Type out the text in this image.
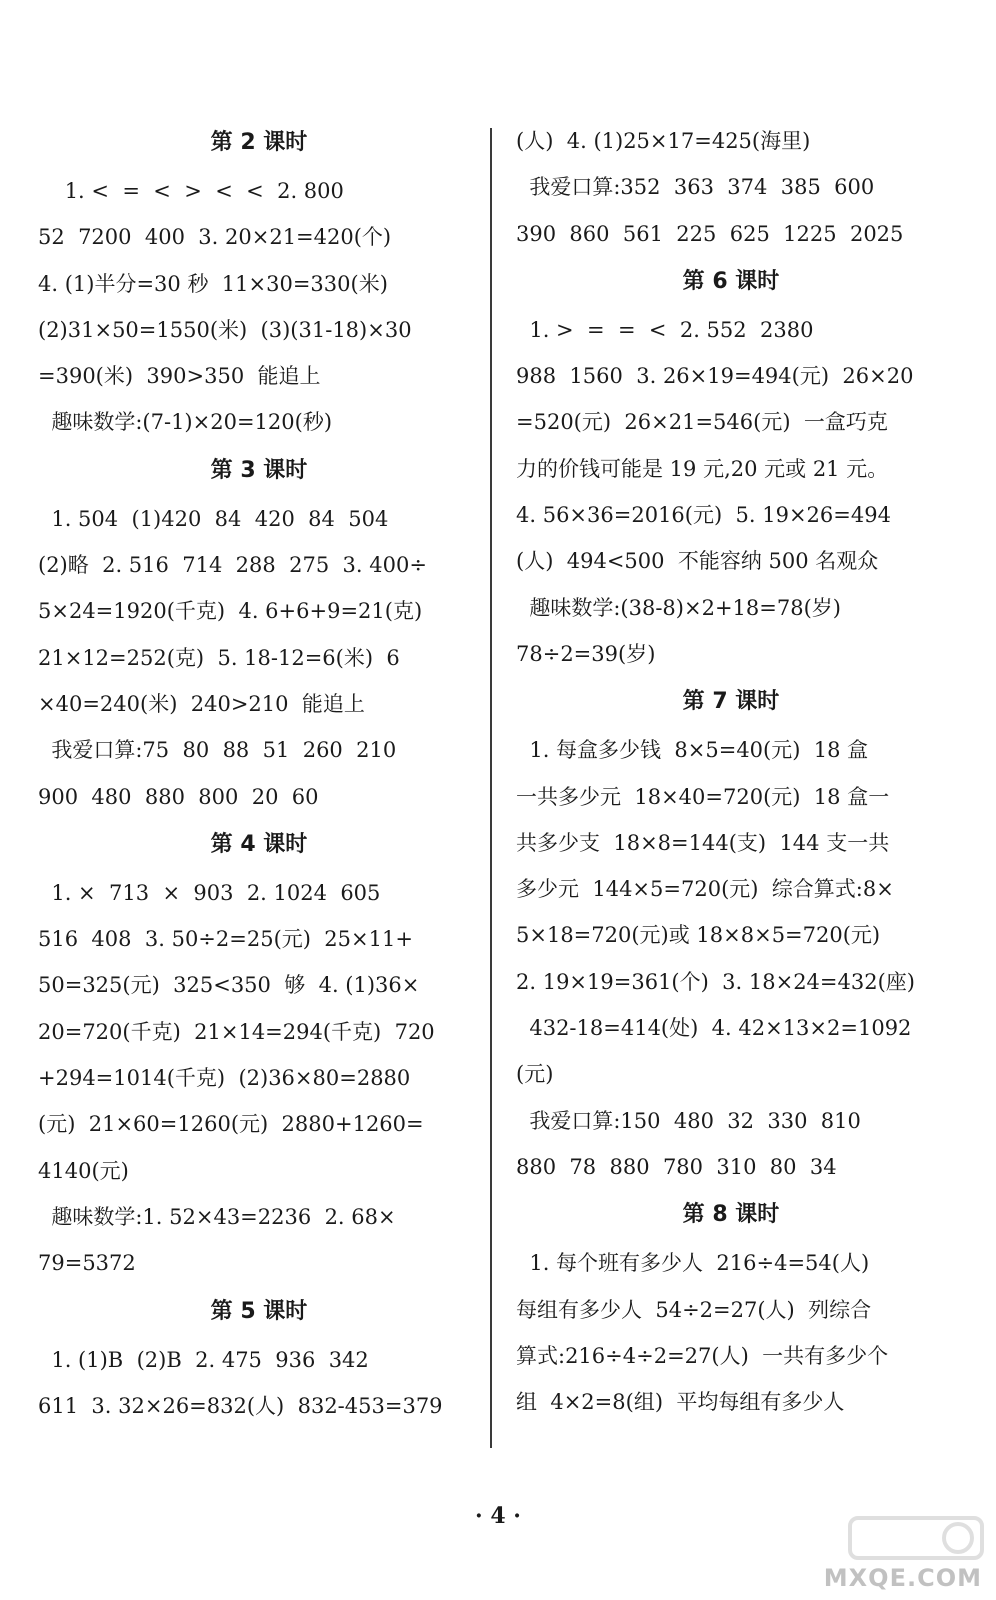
第 2 课时
1. <  =  <  >  <  <  2. 800
52  7200  400  3. 20×21=420(个)
4. (1)半分=30 秒  11×30=330(米)
(2)31×50=1550(米)  (3)(31-18)×30
=390(米)  390>350  能追上
趣味数学:(7-1)×20=120(秒)
第 3 课时
1. 504  (1)420  84  420  84  504
(2)略  2. 516  714  288  275  3. 400÷
5×24=1920(千克)  4. 6+6+9=21(克)
21×12=252(克)  5. 18-12=6(米)  6
×40=240(米)  240>210  能追上
我爱口算:75  80  88  51  260  210
900  480  880  800  20  60
第 4 课时
1. ×  713  ×  903  2. 1024  605
516  408  3. 50÷2=25(元)  25×11+
50=325(元)  325<350  够  4. (1)36×
20=720(千克)  21×14=294(千克)  720
+294=1014(千克)  (2)36×80=2880
(元)  21×60=1260(元)  2880+1260=
4140(元)
趣味数学:1. 52×43=2236  2. 68×
79=5372
第 5 课时
1. (1)B  (2)B  2. 475  936  342
611  3. 32×26=832(人)  832-453=379
(人)  4. (1)25×17=425(海里)
我爱口算:352  363  374  385  600
390  860  561  225  625  1225  2025
第 6 课时
1. >  =  =  <  2. 552  2380
988  1560  3. 26×19=494(元)  26×20
=520(元)  26×21=546(元)  一盒巧克
力的价钱可能是 19 元,20 元或 21 元。
4. 56×36=2016(元)  5. 19×26=494
(人)  494<500  不能容纳 500 名观众
趣味数学:(38-8)×2+18=78(岁)
78÷2=39(岁)
第 7 课时
1. 每盒多少钱  8×5=40(元)  18 盒
一共多少元  18×40=720(元)  18 盒一
共多少支  18×8=144(支)  144 支一共
多少元  144×5=720(元)  综合算式:8×
5×18=720(元)或 18×8×5=720(元)
2. 19×19=361(个)  3. 18×24=432(座)
432-18=414(处)  4. 42×13×2=1092
(元)
我爱口算:150  480  32  330  810
880  78  880  780  310  80  34
第 8 课时
1. 每个班有多少人  216÷4=54(人)
每组有多少人  54÷2=27(人)  列综合
算式:216÷4÷2=27(人)  一共有多少个
组  4×2=8(组)  平均每组有多少人
· 4 ·
MXQE.COM
